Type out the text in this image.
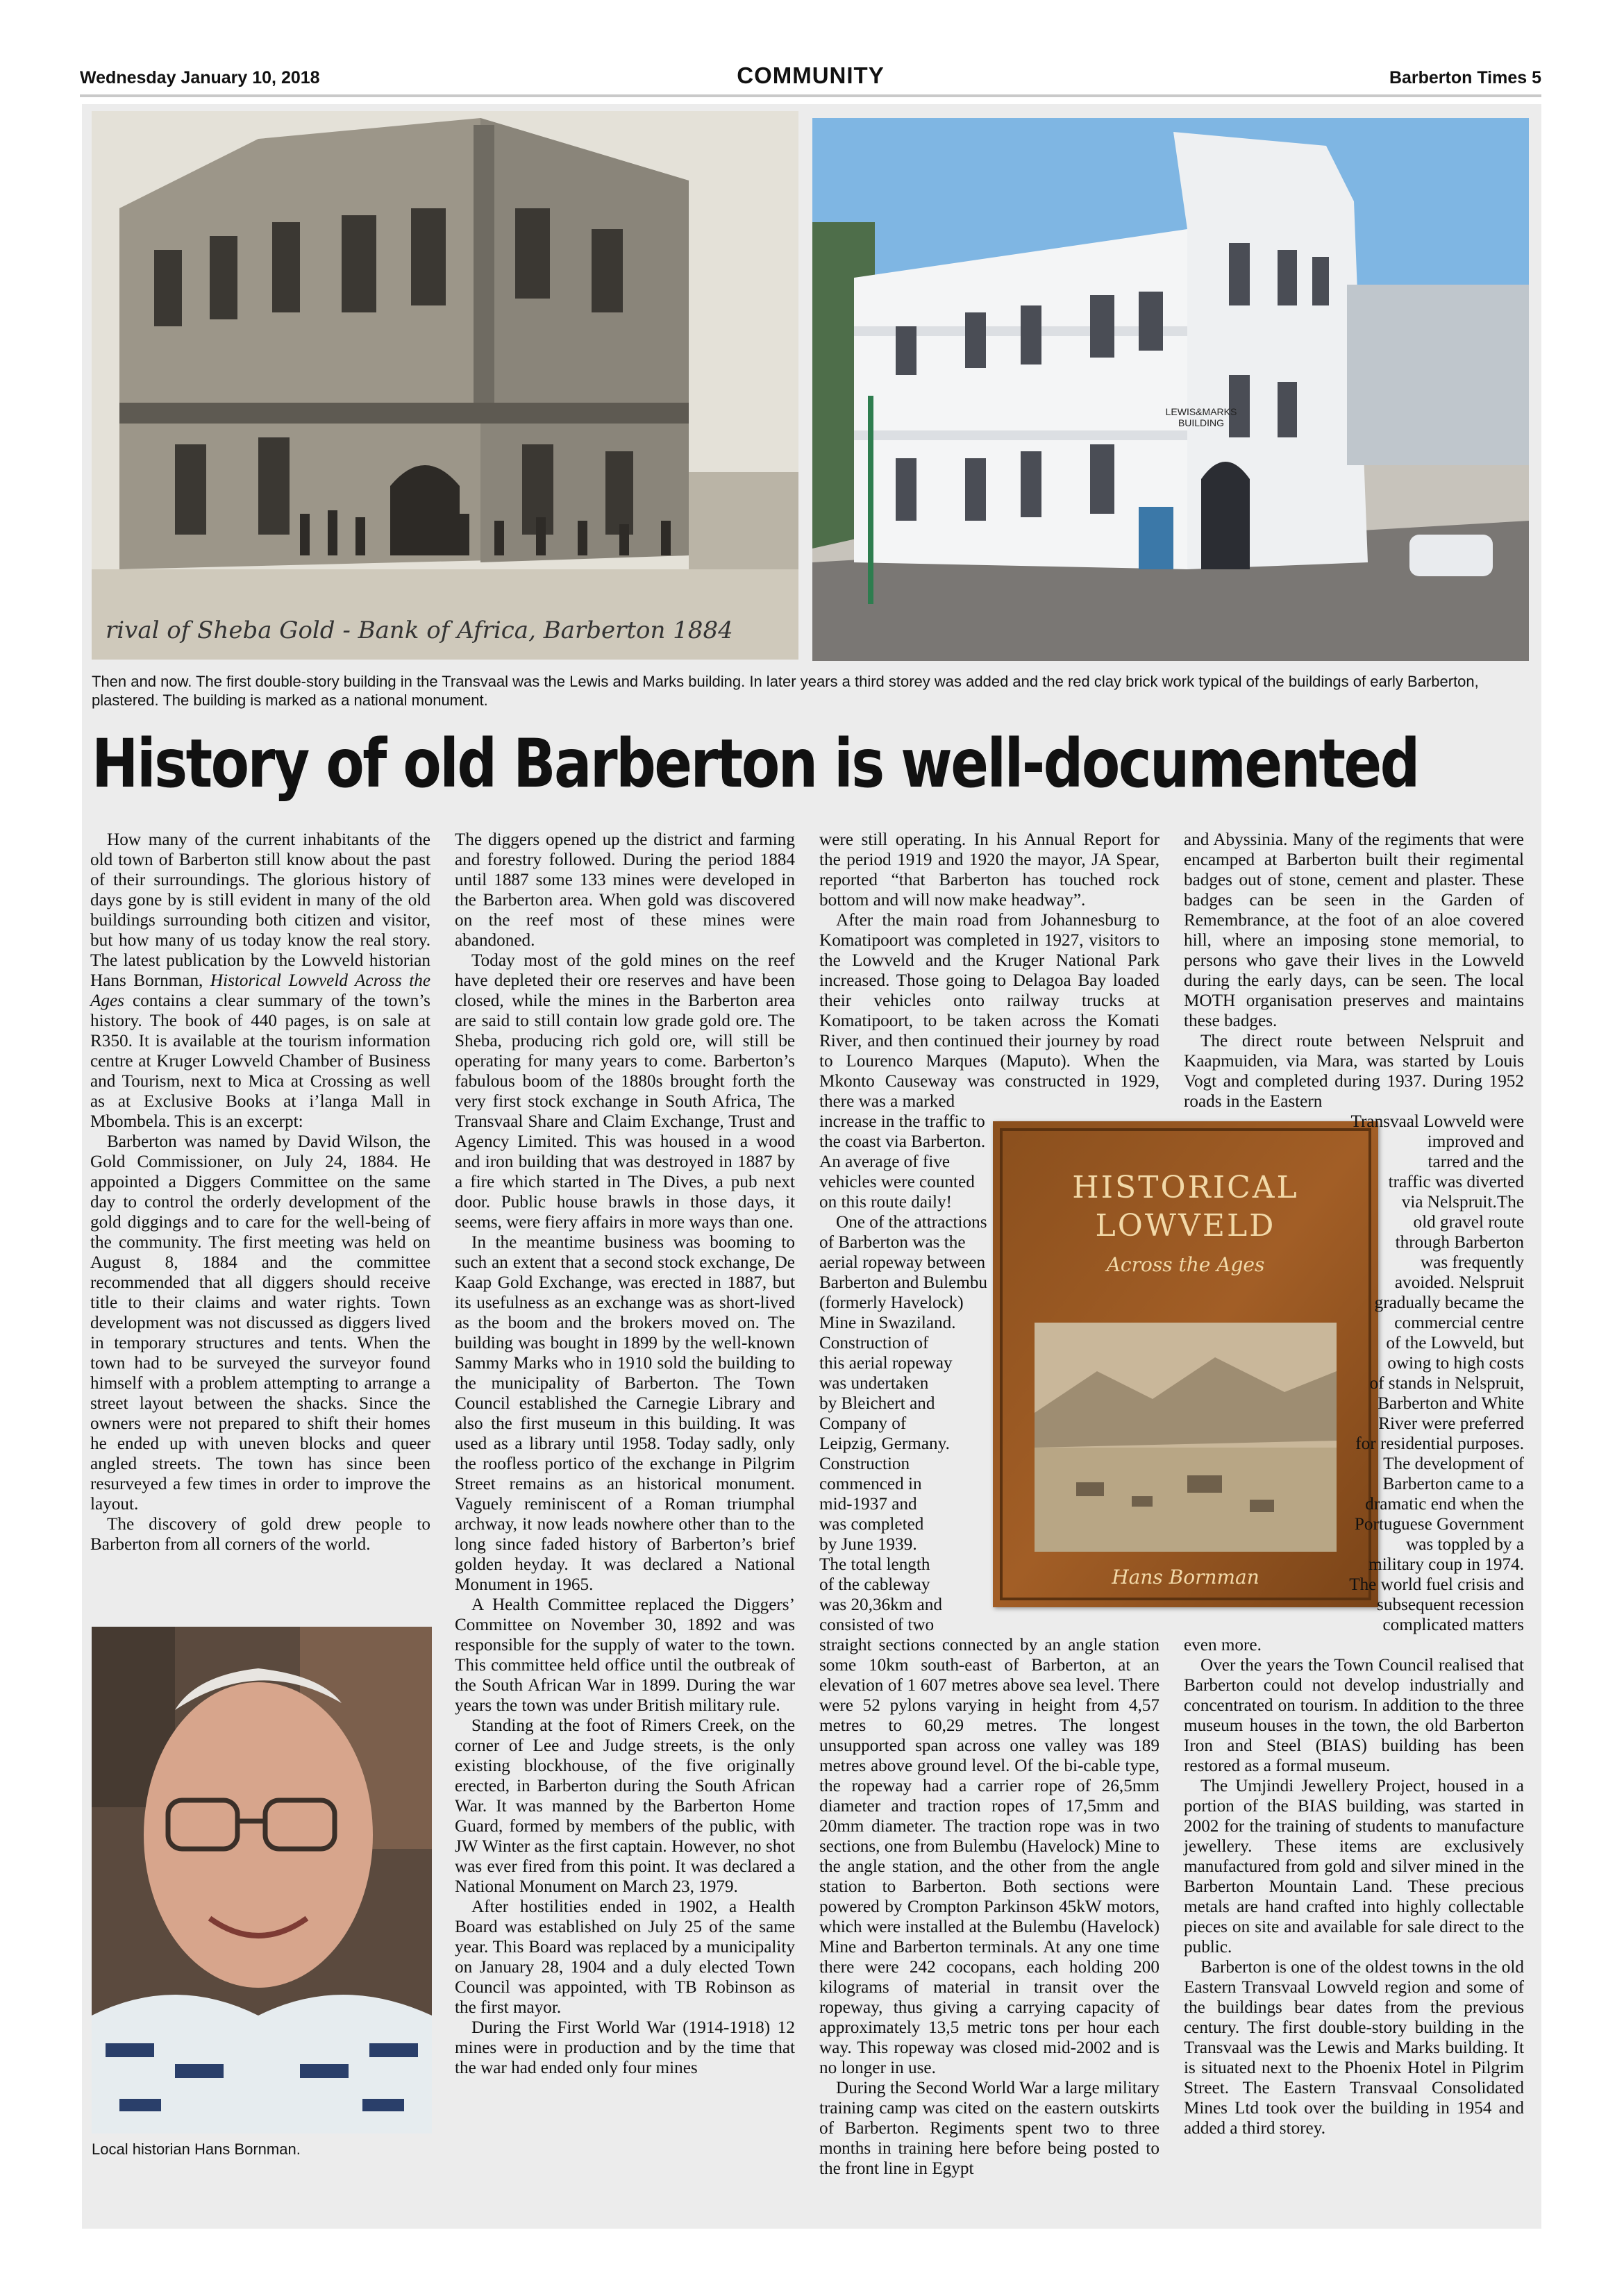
Wednesday January 10, 2018	COMMUNITY	Barberton Times 5
rival of Sheba Gold - Bank of Africa, Barberton 1884
LEWIS&MARKS BUILDING
Then and now. The first double-story building in the Transvaal was the Lewis and Marks building. In later years a third storey was added and the red clay brick work typical of the buildings of early Barberton, plastered. The building is marked as a national monument.
History of old Barberton is well-documented

How many of the current inhabitants of the old town of Barberton still know about the past of their surroundings. The glorious history of days gone by is still evident in many of the old buildings surrounding both citizen and visitor, but how many of us today know the real story. The latest publication by the Lowveld historian Hans Bornman, Historical Lowveld Across the Ages contains a clear summary of the town’s history. The book of 440 pages, is on sale at R350. It is available at the tourism information centre at Kruger Lowveld Chamber of Business and Tourism, next to Mica at Crossing as well as at Exclusive Books at i’langa Mall in Mbombela. This is an excerpt:

Barberton was named by David Wilson, the Gold Commissioner, on July 24, 1884. He appointed a Diggers Committee on the same day to control the orderly development of the gold diggings and to care for the well-being of the community. The first meeting was held on August 8, 1884 and the committee recommended that all diggers should receive title to their claims and water rights. Town development was not discussed as diggers lived in temporary structures and tents. When the town had to be surveyed the surveyor found himself with a problem attempting to arrange a street layout between the shacks. Since the owners were not prepared to shift their homes he ended up with uneven blocks and queer angled streets. The town has since been resurveyed a few times in order to improve the layout.

The discovery of gold drew people to Barberton from all corners of the world.

Local historian Hans Bornman.

The diggers opened up the district and farming and forestry followed. During the period 1884 until 1887 some 133 mines were developed in the Barberton area. When gold was discovered on the reef most of these mines were abandoned.

Today most of the gold mines on the reef have depleted their ore reserves and have been closed, while the mines in the Barberton area are said to still contain low grade gold ore. The Sheba, producing rich gold ore, will still be operating for many years to come. Barberton’s fabulous boom of the 1880s brought forth the very first stock exchange in South Africa, The Transvaal Share and Claim Exchange, Trust and Agency Limited. This was housed in a wood and iron building that was destroyed in 1887 by a fire which started in The Dives, a pub next door. Public house brawls in those days, it seems, were fiery affairs in more ways than one.

In the meantime business was booming to such an extent that a second stock exchange, De Kaap Gold Exchange, was erected in 1887, but its usefulness as an exchange was as short-lived as the boom and the brokers moved on. The building was bought in 1899 by the well-known Sammy Marks who in 1910 sold the building to the municipality of Barberton. The Town Council established the Carnegie Library and also the first museum in this building. It was used as a library until 1958. Today sadly, only the roofless portico of the exchange in Pilgrim Street remains as an historical monument. Vaguely reminiscent of a Roman triumphal archway, it now leads nowhere other than to the long since faded history of Barberton’s brief golden heyday. It was declared a National Monument in 1965.

A Health Committee replaced the Diggers’ Committee on November 30, 1892 and was responsible for the supply of water to the town. This committee held office until the outbreak of the South African War in 1899. During the war years the town was under British military rule.

Standing at the foot of Rimers Creek, on the corner of Lee and Judge streets, is the only existing blockhouse, of the five originally erected, in Barberton during the South African War. It was manned by the Barberton Home Guard, formed by members of the public, with JW Winter as the first captain. However, no shot was ever fired from this point. It was declared a National Monument on March 23, 1979.

After hostilities ended in 1902, a Health Board was established on July 25 of the same year. This Board was replaced by a municipality on January 28, 1904 and a duly elected Town Council was appointed, with TB Robinson as the first mayor.

During the First World War (1914-1918) 12 mines were in production and by the time that the war had ended only four mines

were still operating. In his Annual Report for the period 1919 and 1920 the mayor, JA Spear, reported “that Barberton has touched rock bottom and will now make headway”.

After the main road from Johannesburg to Komatipoort was completed in 1927, visitors to the Lowveld and the Kruger National Park increased. Those going to Delagoa Bay loaded their vehicles onto railway trucks at Komatipoort, to be taken across the Komati River, and then continued their journey by road to Lourenco Marques (Maputo). When the Mkonto Causeway was constructed in 1929, there was a marked

increase in the traffic to
the coast via Barberton.
An average of five
vehicles were counted
on this route daily!
One of the attractions
of Barberton was the
aerial ropeway between
Barberton and Bulembu
(formerly Havelock)
Mine in Swaziland.
Construction of
this aerial ropeway
was undertaken
by Bleichert and
Company of
Leipzig, Germany.
Construction
commenced in
mid-1937 and
was completed
by June 1939.
The total length
of the cableway
was 20,36km and
consisted of two

straight sections connected by an angle station some 10km south-east of Barberton, at an elevation of 1 607 metres above sea level. There were 52 pylons varying in height from 4,57 metres to 60,29 metres. The longest unsupported span across one valley was 189 metres above ground level. Of the bi-cable type, the ropeway had a carrier rope of 26,5mm diameter and traction ropes of 17,5mm and 20mm diameter. The traction rope was in two sections, one from Bulembu (Havelock) Mine to the angle station, and the other from the angle station to Barberton. Both sections were powered by Crompton Parkinson 45kW motors, which were installed at the Bulembu (Havelock) Mine and Barberton terminals. At any one time there were 242 cocopans, each holding 200 kilograms of material in transit over the ropeway, thus giving a carrying capacity of approximately 13,5 metric tons per hour each way. This ropeway was closed mid-2002 and is no longer in use.

During the Second World War a large military training camp was cited on the eastern outskirts of Barberton. Regiments spent two to three months in training here before being posted to the front line in Egypt

HISTORICAL
LOWVELD
Across the Ages
Hans Bornman

and Abyssinia. Many of the regiments that were encamped at Barberton built their regimental badges out of stone, cement and plaster. These badges can be seen in the Garden of Remembrance, at the foot of an aloe covered hill, where an imposing stone memorial, to persons who gave their lives in the Lowveld during the early days, can be seen. The local MOTH organisation preserves and maintains these badges.

The direct route between Nelspruit and Kaapmuiden, via Mara, was started by Louis Vogt and completed during 1937. During 1952 roads in the Eastern

Transvaal Lowveld were
improved and
tarred and the
traffic was diverted
via Nelspruit.The
old gravel route
through Barberton
was frequently
avoided. Nelspruit
gradually became the
commercial centre
of the Lowveld, but
owing to high costs
of stands in Nelspruit,
Barberton and White
River were preferred
for residential purposes.
The development of
Barberton came to a
dramatic end when the
Portuguese Government
was toppled by a
military coup in 1974.
The world fuel crisis and
subsequent recession
complicated matters

even more.

Over the years the Town Council realised that Barberton could not develop industrially and concentrated on tourism. In addition to the three museum houses in the town, the old Barberton Iron and Steel (BIAS) building has been restored as a formal museum.

The Umjindi Jewellery Project, housed in a portion of the BIAS building, was started in 2002 for the training of students to manufacture jewellery. These items are exclusively manufactured from gold and silver mined in the Barberton Mountain Land. These precious metals are hand crafted into highly collectable pieces on site and available for sale direct to the public.

Barberton is one of the oldest towns in the old Eastern Transvaal Lowveld region and some of the buildings bear dates from the previous century. The first double-story building in the Transvaal was the Lewis and Marks building. It is situated next to the Phoenix Hotel in Pilgrim Street. The Eastern Transvaal Consolidated Mines Ltd took over the building in 1954 and added a third storey.
